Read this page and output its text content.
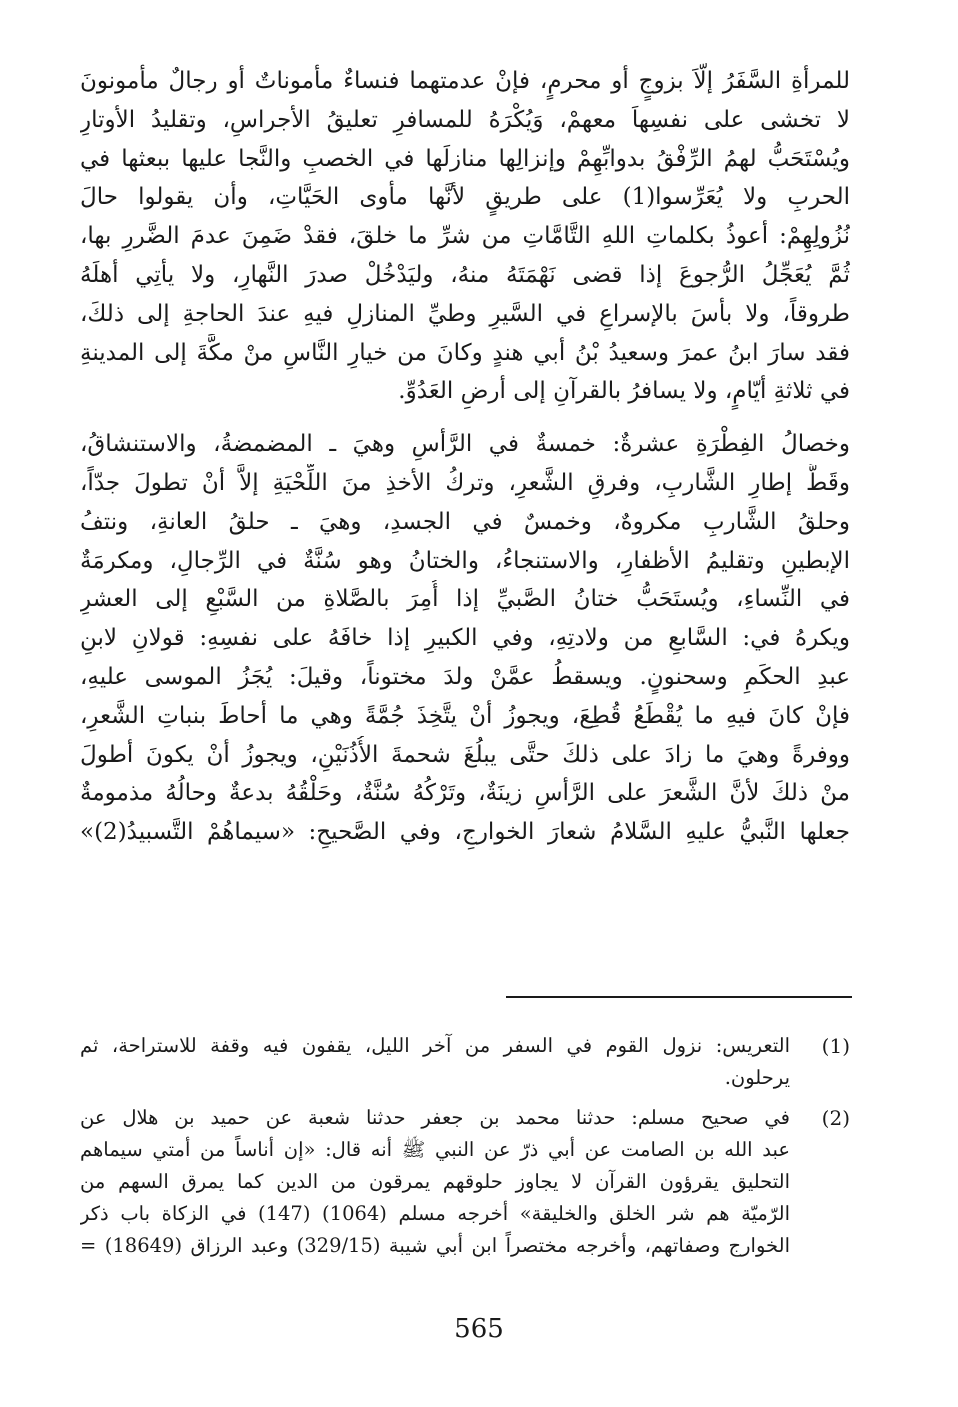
للمرأةِ السَّفَرُ إلّاَ بزوجٍ أو محرمٍ، فإنْ عدمتهما فنساءٌ مأموناتٌ أو رجالٌ مأمونونَ
لا تخشى على نفسِهاَ معهمْ، وَيُكْرَهُ للمسافرِ تعليقُ الأجراسِ، وتقليدُ الأوتارِ
ويُسْتَحَبُّ لهمُ الرِّفْقُ بدوابِّهِمْ وإنزالِها منازلَها في الخصبِ والنَّجا عليها ببعثها في
الحربِ ولا يُعَرِّسوا(1) على طريقٍ لأنَّها مأوى الحَيَّاتِ، وأن يقولوا حالَ
نُزُولِهِمْ: أعوذُ بكلماتِ اللهِ التَّامَّاتِ من شرِّ ما خلقَ، فقدْ ضَمِنَ عدمَ الضَّررِ بها،
ثُمَّ يُعَجِّلُ الرُّجوعَ إذا قضى نَهْمَتَهُ منهُ، وليَدْخُلْ صدرَ النَّهارِ، ولا يأتِي أهلَهُ
طروقاً، ولا بأسَ بالإسراعِ في السَّيرِ وطيِّ المنازلِ فيهِ عندَ الحاجةِ إلى ذلكَ،
فقد سارَ ابنُ عمرَ وسعيدُ بْنُ أبي هندٍ وكانَ من خيارِ النَّاسِ منْ مكَّةَ إلى المدينةِ
في ثلاثةِ أيّامٍ، ولا يسافرُ بالقرآنِ إلى أرضِ العَدُوِّ.

وخصالُ الفِطْرَةِ عشرةٌ: خمسةٌ في الرَّأسِ وهيَ ـ المضمضةُ، والاستنشاقُ،
وقَطُّ إطارِ الشَّاربِ، وفرقِ الشَّعرِ، وتركُ الأخذِ منَ اللِّحْيَةِ إلاَّ أنْ تطولَ جدّاً،
وحلقُ الشَّاربِ مكروهٌ، وخمسٌ في الجسدِ، وهيَ ـ حلقُ العانةِ، ونتفُ
الإبطينِ وتقليمُ الأظفارِ، والاستنجاءُ، والختانُ وهو سُنَّةٌ في الرِّجالِ، ومكرمَةٌ
في النِّساءِ، ويُستَحَبُّ ختانُ الصَّبيِّ إذا أُمِرَ بالصَّلاةِ من السَّبْعِ إلى العشرِ
ويكرهُ في: السَّابعِ من ولادتِهِ، وفي الكبيرِ إذا خافَهُ على نفسِهِ: قولانِ لابنِ
عبدِ الحكَمِ وسحنونٍ. ويسقطُ عمَّنْ ولدَ مختوناً، وقيلَ: يُجَزُ الموسى عليهِ،
فإنْ كانَ فيهِ ما يُقْطَعُ قُطِعَ، ويجوزُ أنْ يتَّخِذَ جُمَّةً وهي ما أحاطَ بنباتِ الشَّعرِ،
ووفرةً وهيَ ما زادَ على ذلكَ حتَّى يبلُغَ شحمةَ الأُذُنَيْنِ، ويجوزُ أنْ يكونَ أطولَ
منْ ذلكَ لأنَّ الشَّعرَ على الرَّأسِ زينَةٌ، وتَرْكُهُ سُنَّةٌ، وحَلْقُهُ بدعةٌ وحالُهُ مذمومةٌ
جعلها النَّبيُّ عليهِ السَّلامُ شعارَ الخوارجِ، وفي الصَّحيحِ: «سيماهُمْ التَّسبيدُ(2)»

(1)
التعريس: نزول القوم في السفر من آخر الليل، يقفون فيه وقفة للاستراحة، ثم
يرحلون.
(2)
في صحيح مسلم: حدثنا محمد بن جعفر حدثنا شعبة عن حميد بن هلال عن
عبد الله بن الصامت عن أبي ذرّ عن النبي ﷺ أنه قال: «إن أناساً من أمتي سيماهم
التحليق يقرؤون القرآن لا يجاوز حلوقهم يمرقون من الدين كما يمرق السهم من
الرّميّة هم شر الخلق والخليقة» أخرجه مسلم (1064) (147) في الزكاة باب ذكر
الخوارج وصفاتهم، وأخرجه مختصراً ابن أبي شيبة (329/15) وعبد الرزاق (18649) =
565
